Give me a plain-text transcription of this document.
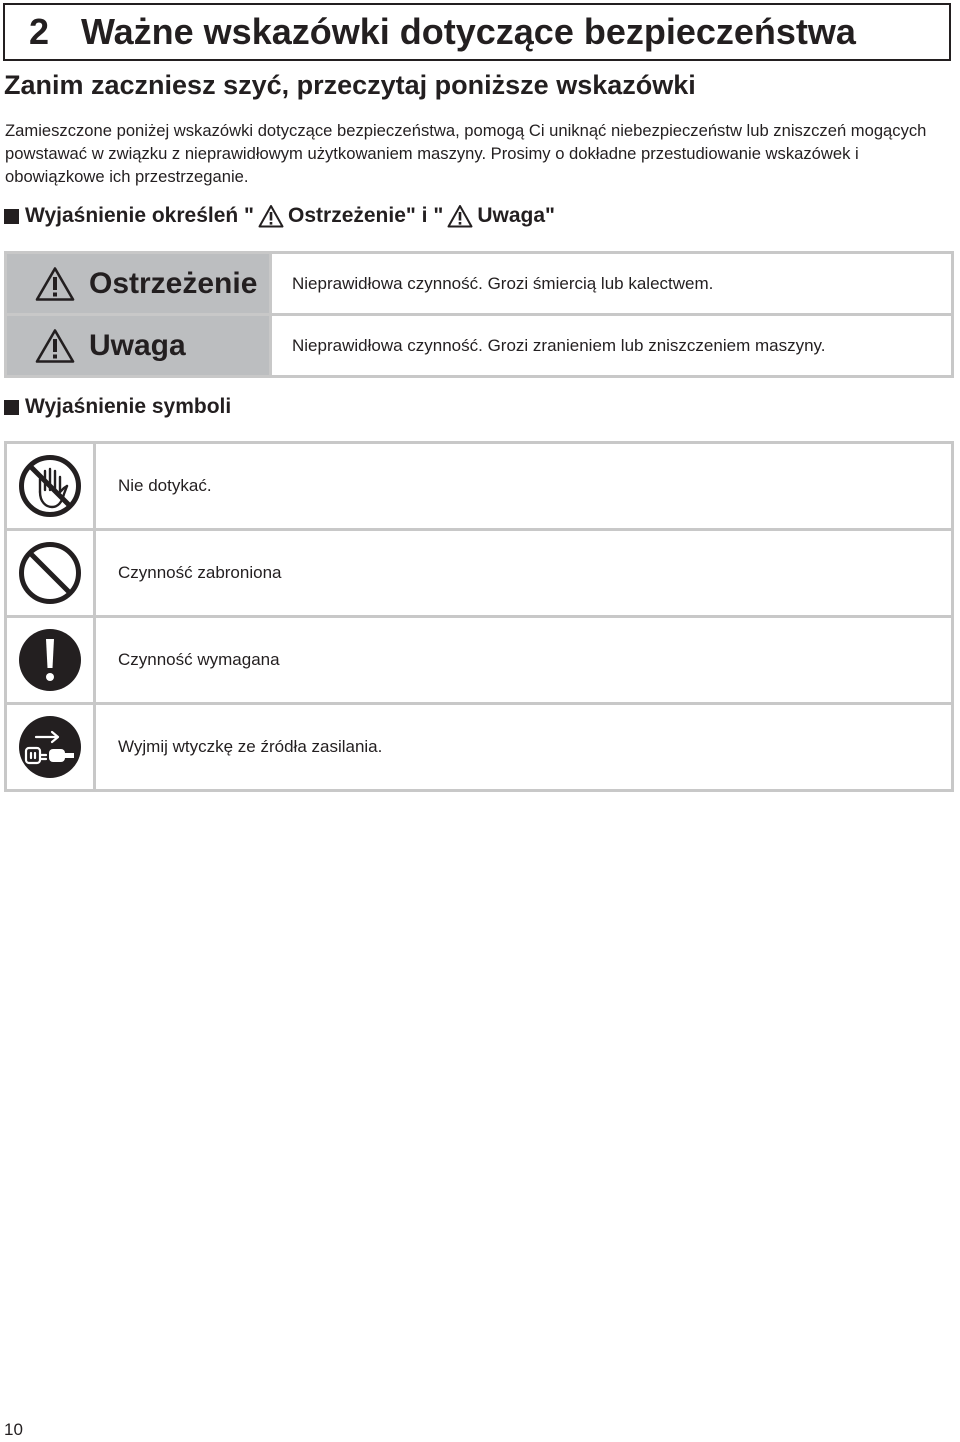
2 Ważne wskazówki dotyczące bezpieczeństwa
Zanim zaczniesz szyć, przeczytaj poniższe wskazówki
Zamieszczone poniżej wskazówki dotyczące bezpieczeństwa, pomogą Ci uniknąć niebezpieczeństw lub zniszczeń mogących powstawać w związku z nieprawidłowym użytkowaniem maszyny. Prosimy o dokładne przestudiowanie wskazówek i obowiązkowe ich przestrzeganie.
Wyjaśnienie określeń " Ostrzeżenie" i " Uwaga"
Ostrzeżenie	Nieprawidłowa czynność. Grozi śmiercią lub kalectwem.

Uwaga	Nieprawidłowa czynność. Grozi zranieniem lub zniszczeniem maszyny.
Wyjaśnienie symboli
	Nie dotykać.

	Czynność zabroniona

	Czynność wymagana

	Wyjmij wtyczkę ze źródła zasilania.
10
